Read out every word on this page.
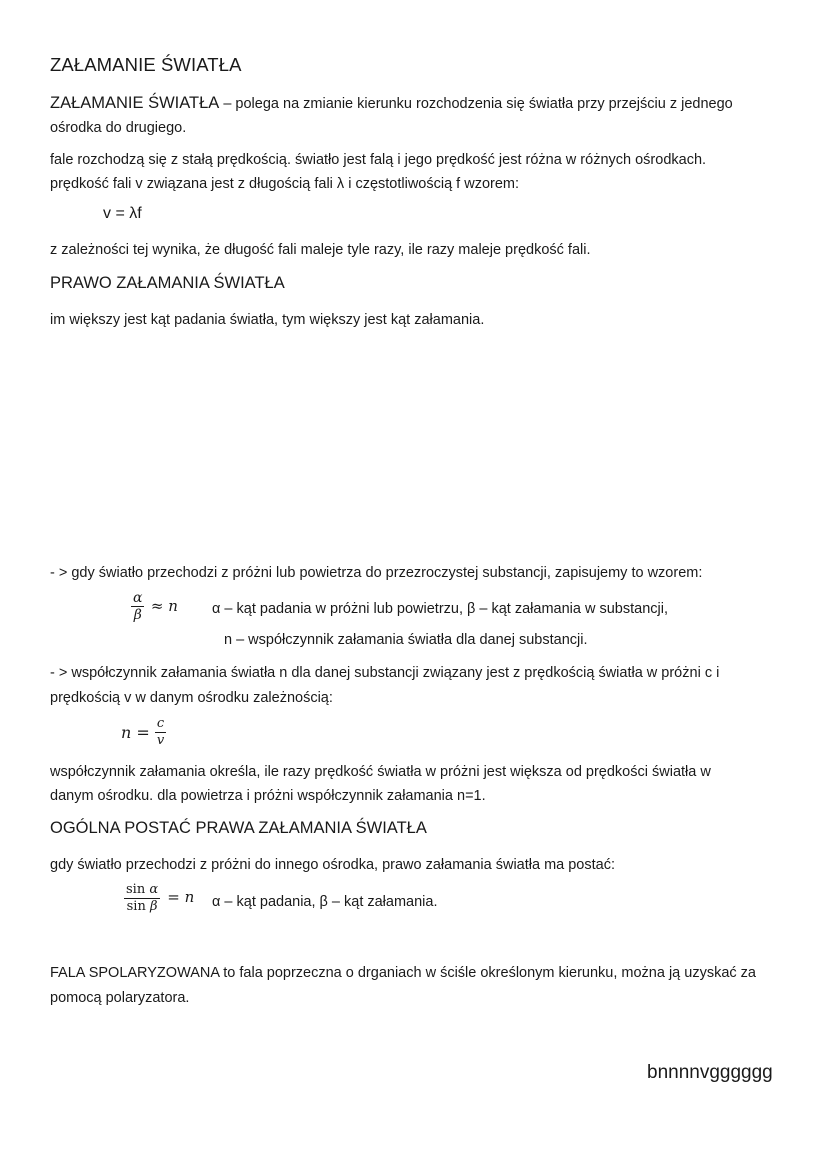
ZAŁAMANIE ŚWIATŁA
ZAŁAMANIE ŚWIATŁA – polega na zmianie kierunku rozchodzenia się światła przy przejściu z jednego
ośrodka do drugiego.
fale rozchodzą się z stałą prędkością. światło jest falą i jego prędkość jest różna w różnych ośrodkach.
prędkość fali v związana jest z długością fali λ i częstotliwością f wzorem:
v = λf
z zależności tej wynika, że długość fali maleje tyle razy, ile razy maleje prędkość fali.
PRAWO ZAŁAMANIA ŚWIATŁA
im większy jest kąt padania światła, tym większy jest kąt załamania.
- > gdy światło przechodzi z próżni lub powietrza do przezroczystej substancji, zapisujemy to wzorem:
$\frac{\alpha}{\beta} \approx n$ α – kąt padania w próżni lub powietrzu, β – kąt załamania w substancji,
n – współczynnik załamania światła dla danej substancji.
- > współczynnik załamania światła n dla danej substancji związany jest z prędkością światła w próżni c i
prędkością v w danym ośrodku zależnością:
$n = \frac{c}{v}$
współczynnik załamania określa, ile razy prędkość światła w próżni jest większa od prędkości światła w
danym ośrodku. dla powietrza i próżni współczynnik załamania n=1.
OGÓLNA POSTAĆ PRAWA ZAŁAMANIA ŚWIATŁA
gdy światło przechodzi z próżni do innego ośrodka, prawo załamania światła ma postać:
$\frac{\text{sin α}}{\text{sin β}} = n$ α – kąt padania, β – kąt załamania.
FALA SPOLARYZOWANA to fala poprzeczna o drganiach w ściśle określonym kierunku, można ją uzyskać za
pomocą polaryzatora.
bnnnnvgggggg
